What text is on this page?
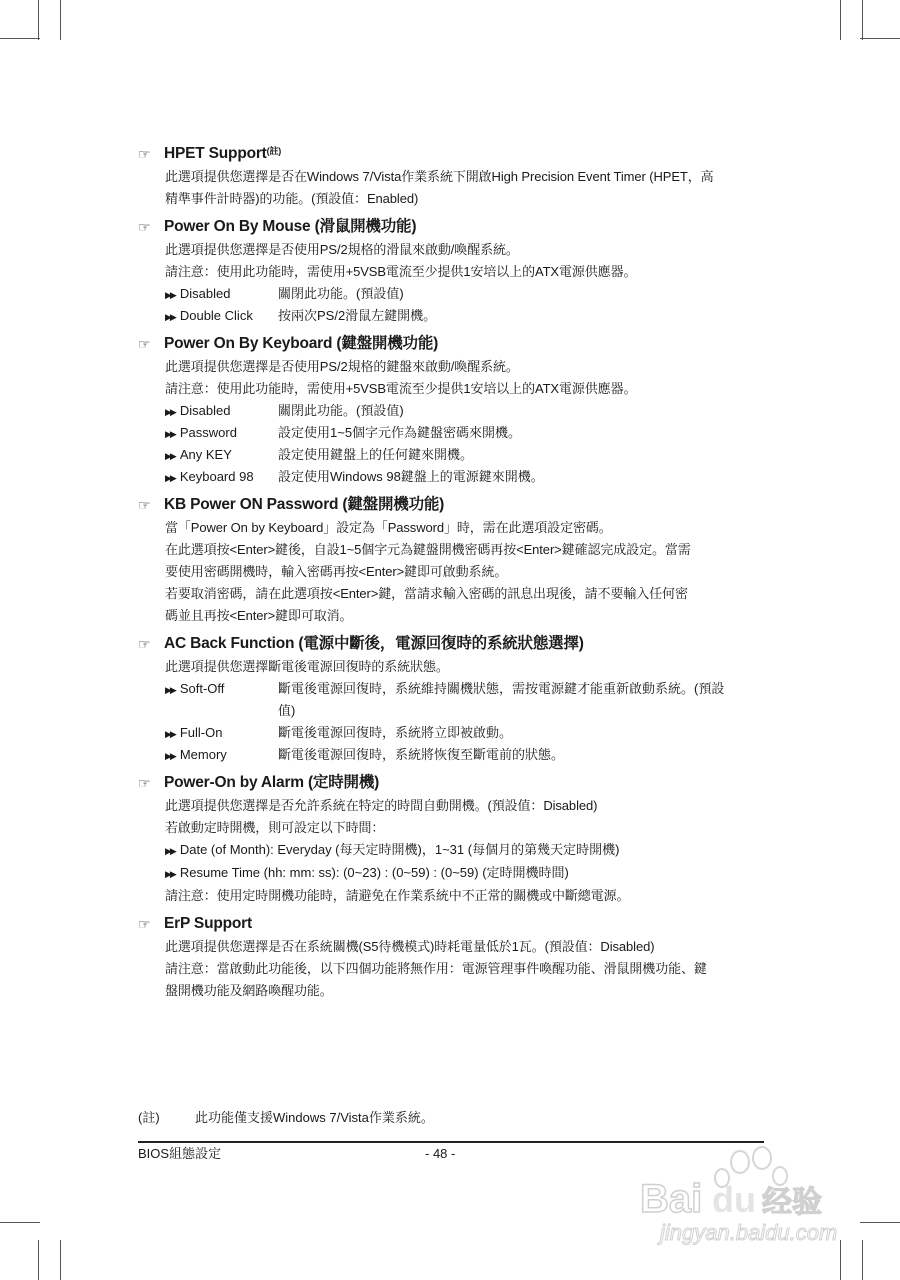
☞ HPET Support$^{(註)}$
此選項提供您選擇是否在Windows 7/Vista作業系統下開啟High Precision Event Timer (HPET，高
精準事件計時器)的功能。(預設值：Enabled)
☞ Power On By Mouse (滑鼠開機功能)
此選項提供您選擇是否使用PS/2規格的滑鼠來啟動/喚醒系統。
請注意：使用此功能時，需使用+5VSB電流至少提供1安培以上的ATX電源供應器。
▶▶ Disabled	關閉此功能。(預設值)
▶▶ Double Click 按兩次PS/2滑鼠左鍵開機。
☞ Power On By Keyboard (鍵盤開機功能)
此選項提供您選擇是否使用PS/2規格的鍵盤來啟動/喚醒系統。
請注意：使用此功能時，需使用+5VSB電流至少提供1安培以上的ATX電源供應器。
▶▶ Disabled	關閉此功能。(預設值)
▶▶ Password	設定使用1~5個字元作為鍵盤密碼來開機。
▶▶ Any KEY	設定使用鍵盤上的任何鍵來開機。
▶▶ Keyboard 98 設定使用Windows 98鍵盤上的電源鍵來開機。
☞ KB Power ON Password (鍵盤開機功能)
當「Power On by Keyboard」設定為「Password」時，需在此選項設定密碼。
在此選項按<Enter>鍵後，自設1~5個字元為鍵盤開機密碼再按<Enter>鍵確認完成設定。當需
要使用密碼開機時，輸入密碼再按<Enter>鍵即可啟動系統。
若要取消密碼，請在此選項按<Enter>鍵，當請求輸入密碼的訊息出現後，請不要輸入任何密
碼並且再按<Enter>鍵即可取消。
☞ AC Back Function (電源中斷後，電源回復時的系統狀態選擇)
此選項提供您選擇斷電後電源回復時的系統狀態。
▶▶ Soft-Off	斷電後電源回復時，系統維持關機狀態，需按電源鍵才能重新啟動系統。(預設
值)
▶▶ Full-On	斷電後電源回復時，系統將立即被啟動。
▶▶ Memory	斷電後電源回復時，系統將恢復至斷電前的狀態。
☞ Power-On by Alarm (定時開機)
此選項提供您選擇是否允許系統在特定的時間自動開機。(預設值：Disabled)
若啟動定時開機，則可設定以下時間：
▶▶ Date (of Month): Everyday (每天定時開機)，1~31 (每個月的第幾天定時開機)
▶▶ Resume Time (hh: mm: ss): (0~23) : (0~59) : (0~59) (定時開機時間)
請注意：使用定時開機功能時，請避免在作業系統中不正常的關機或中斷總電源。
☞ ErP Support
此選項提供您選擇是否在系統關機(S5待機模式)時耗電量低於1瓦。(預設值：Disabled)
請注意：當啟動此功能後，以下四個功能將無作用：電源管理事件喚醒功能、滑鼠開機功能、鍵
盤開機功能及網路喚醒功能。
(註)	此功能僅支援Windows 7/Vista作業系統。
BIOS組態設定	- 48 -
Bai du 经验
jingyan.baidu.com
